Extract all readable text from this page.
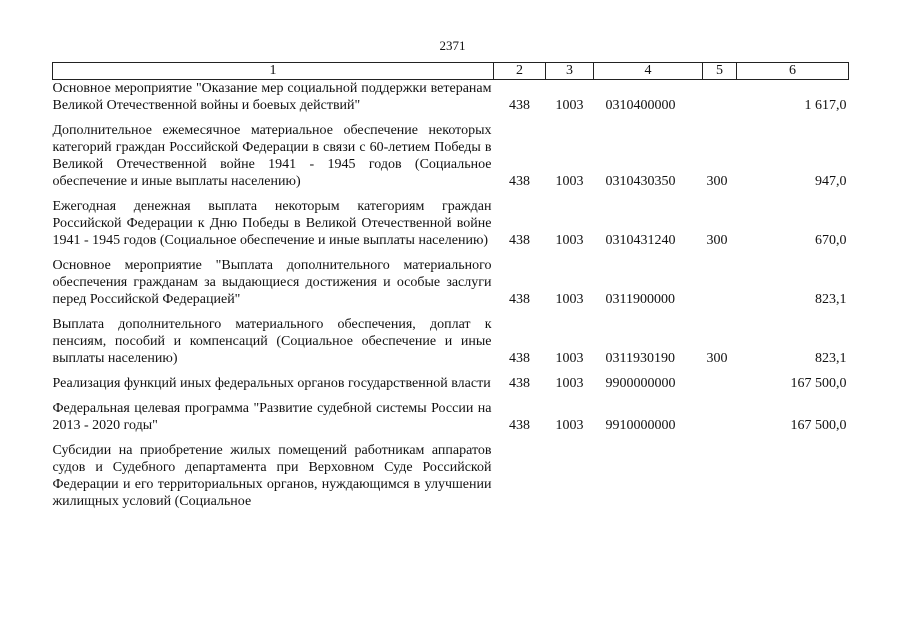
2371
1	2	3	4	5	6
Основное мероприятие "Оказание мер социальной поддержки ветеранам Великой Отечественной войны и боевых действий"	438	1003	0310400000		1 617,0
Дополнительное ежемесячное материальное обеспечение некоторых категорий граждан Российской Федерации в связи с 60-летием Победы в Великой Отечественной войне 1941 - 1945 годов (Социальное обеспечение и иные выплаты населению)	438	1003	0310430350	300	947,0
Ежегодная денежная выплата некоторым категориям граждан Российской Федерации к Дню Победы в Великой Отечественной войне 1941 - 1945 годов (Социальное обеспечение и иные выплаты населению)	438	1003	0310431240	300	670,0
Основное мероприятие "Выплата дополнительного материального обеспечения гражданам за выдающиеся достижения и особые заслуги перед Российской Федерацией"	438	1003	0311900000		823,1
Выплата дополнительного материального обеспечения, доплат к пенсиям, пособий и компенсаций (Социальное обеспечение и иные выплаты населению)	438	1003	0311930190	300	823,1
Реализация функций иных федеральных органов государственной власти	438	1003	9900000000		167 500,0
Федеральная целевая программа "Развитие судебной системы России на 2013 - 2020 годы"	438	1003	9910000000		167 500,0
Субсидии на приобретение жилых помещений работникам аппаратов судов и Судебного департамента при Верховном Суде Российской Федерации и его территориальных органов, нуждающимся в улучшении жилищных условий (Социальное					
